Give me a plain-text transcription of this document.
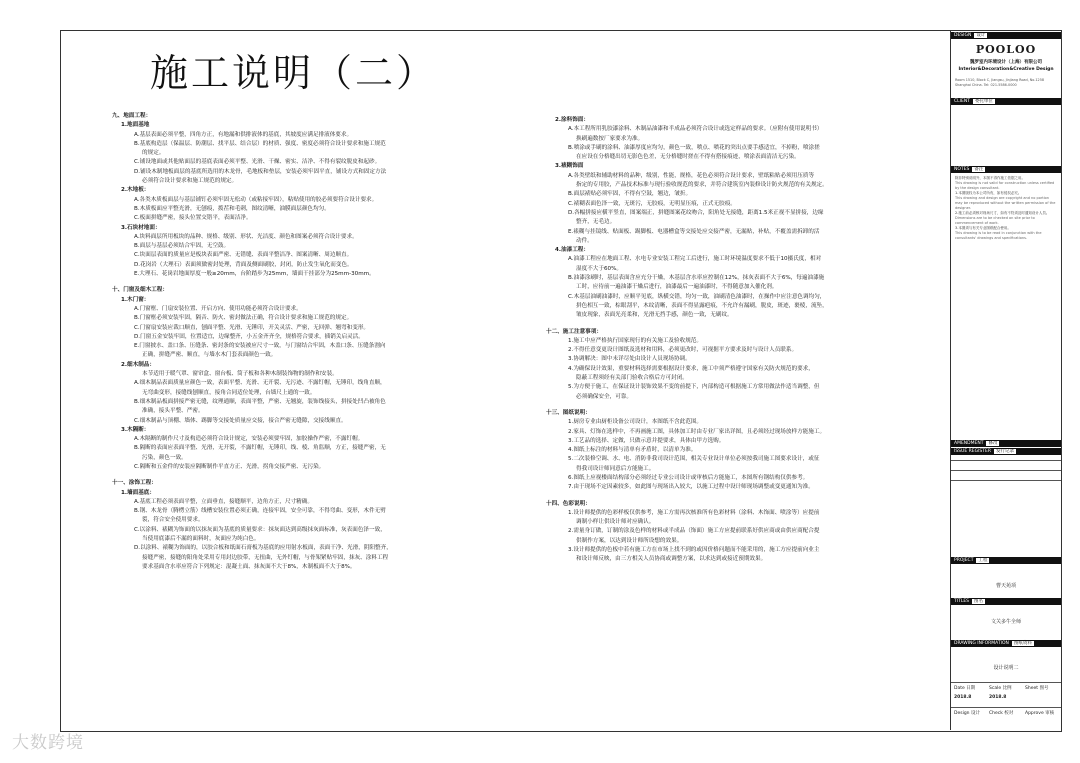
施工说明（二）

九、地面工程：

1.地面基地

A.基层表面必须平整，四角方正，有地漏和供排液体的基底，其坡度应满足排液体要求。

B.基底构造层（保温层、防潮层、找平层、结合层）的材质、强度、密度必须符合设计要求和施工规范

的规定。

C.铺设地面或其他贴面层的基底表面必须平整、光滑、干燥、密实、洁净、不得有裂纹脱皮和起砂。

D.铺设木制地板面层的基底所选用的木龙骨，毛地板和垫层，安装必须牢固平直，铺设方式和固定方法

必须符合设计要求和施工规范的规定。

2.木地板：

A.各类木质板面层与基层铺钉必须牢固无松动（或粘接牢固），粘贴使用的胶必须要符合设计要求。

B.木质板面应平整光滑，无刨痕，拨茬和毛刺，图纹清晰，油膜面层颜色均匀。

C.板面拼缝严密，接头位置交错平，表面洁净。

3.石块材地面：

A.块料面层所用板块的品种、规格、级别、形状、光洁度、颜色和图案必须符合设计要求。

B.面层与基层必须结合牢固，无空鼓。

C.块面层表面的质量应是板块表面严密、无错缝、表面平整洁净、图案清晰、周边顺直。

D.花岗岩（大理石）表面须做密封处理，背面及侧面刷胶，封闭，防止发生氧化而变色。

E.大理石、花岗岩地面厚度一般≥20mm，台阶踏步为25mm，墙面干挂部分为25mm-30mm。

十、门窗及细木工程：

1.木门窗：

A.门窗框、门扇安装位置、开启方向、使用功能必须符合设计要求。

B.门窗框必须安装牢固，隔音、防火、密封做法正确，符合设计要求和施工规范的规定。

C.门窗扇安装应裁口顺直，刨面平整、光滑、无锤印，开关灵活、严密，无回弹、翘弯和变形。

D.门窗五金安装牢固，位置适宜，边缘整齐，小五金齐齐全，规格符合要求，插销关启灵活。

E.门窗披水、盖口条、压缝条、密封条的安装被应尺寸一致，与门窗结合牢固，木盖口条、压缝条割向

正确，拼缝严密、顺直，与墙水木门套表面颜色一致。

2.细木制品：

本节适用于暖气罩、窗帘盒、窗台板、筒子板和各种木制装饰物的制作和安装。

A.细木制品表面质量应颜色一致，表面平整、光滑、无开裂、无污迹、不露钉帽，无锤印，线角直顺，

无弯曲变形，接缝线刨顺直，接角合同适位处理，台墙尺上通的一致。

B.细木制品板面拼接严密无缝，纹理通顺，表面平整，严密、无翘旋，装饰线接头，拼接处凹凸被角色

准确，接头平整、严密。

C.细木制品与顶棚、墙体、踢脚等交接处质量应交接，接合严密无缝隙，交接线顺直。

3.木隔断：

A.木隔断的制作尺寸及构造必须符合设计规定，安装必须要牢固，加胶操作严密，不露钉帽。

B.隔断的表面应表面平整、光滑，无开裂，不露钉帽，无锤印，线、棱、角监顺，方正，接缝严密，无

污染，颜色一致。

C.隔断和五金件的安装应隔断制作平直方正、光滑，拐角交接严密、无污染。

十一、涂饰工程：

1.墙面基底：

A.基底工程必须表面平整，立面垂直，接缝顺平，边角方正，尺寸精确。

B.钢、木龙骨（腾楞立筋）线槽安装位置必须正确，连接牢固，安全可靠，不得弯曲、变形，木件无劈

裂，符合安全使用要求。

C.以涂料、裱糊为饰面的以抹灰面为基底的质量要求：抹灰面达到高级抹灰面标准，灰表面色泽一致，

当使用底漆后不漏的面料时，灰面应为纯白色。

D.以涂料、裱糊为饰面的，以胶合板和纸面石膏板为基底的应用射水板面，表面干净、光滑，阴阳整齐，

接缝严密，接缝的阳角处采用专用封边胶带，无扭曲，无外钉帽，与骨架紧贴牢固，抹灰、涂料工程

要求基面含水率应符合下列规定：混凝土面、抹灰面不大于8%，木制板面不大于8%。

2.涂料饰面：

A.本工程所用乳胶漆涂料、木制品油漆和半成品必须符合设计或选定样品的要求。（应附有使用说明书）

换刷遍数按厂家要求为准。

B.喷涂或手刷的涂料、油漆厚度应均匀，颜色一致，喷点、喷花的突出点要手感适宜，不掉粉，喷涂搓

在应设在分格缝出切无影色色差，无分格缝时搓在不得有搭接痕迹，喷涂表面清洁无污染。

3.裱糊饰面

A.各类壁纸和辅助材料的品种，级别，性能，规格，花色必须符合设计要求，壁纸粘贴必须用压质等

指定的专用胶，产品技术标准与现行验收规范的要求，并符合建筑室内装修设计防火规范的有关规定。

B.面层裱贴必须牢固，不得有空鼓，翘边，皱折。

C.裱糊表面色泽一致，无斑污，无胶痕，无明显压痕，正式无胶痕。

D.各幅拼接应横平竖直，图案端正，拼缝图案花纹吻合，阳角处无接缝，距离1.5米正视不显拼接，边缘

整齐，无毛边。

E.裱糊与挂镜线、贴面板、踢脚板、电器槽盒等交接处应交接严密，无漏贴，补贴，不覆盖需拆卸的活

动件。

4.油漆工程：

A.油漆工程应在地面工程、水电专业安装工程完工后进行，施工时环境温度要求不低于10摄氏度，相对

湿度不大于60%。

B.油漆涂刷时，基层表面含应充分干燥，木基层含水率应控制在12%，抹灰表面不大于6%，每遍油漆施

工时，应待前一遍油漆干燥后进行，油漆最后一遍油漆时，不得随意加入催化剂。

C.木基层油刷油漆时，应顺平见底，纵横交错，均匀一致，油刷清色油漆时，在操作中应注意色调均匀，

拼色相互一致，棕眼刮平，木纹清晰，表面不得显露疤痕，不允许有漏刷，脱皮，斑迹，裹棱，流坠，

皱皮现象，表面光亮柔和，光滑无挡手感，颜色一致，无刷纹。

十二、施工注意事项：

1.施工中应严格执行国家现行的有关施工及验收规范。

2.不得任意变更设计图纸及选材和用料，必须更改时，可视据平方要求及时与设计人员联系。

3.协调解决：图中未详尽处由设计人员现场协调。

4.为确保设计效果，重要材料选择需要根据设计要求，施工中须严格遵守国家有关防火规范的要求，

隐蔽工程须经有关部门验收合格后方可封闭。

5.为方便于施工，在保证设计装饰效果不变的前提下，内部构造可根据施工方常用做法作适当调整，但

必须确保安全，可靠。

十三、图纸说明：

1.厨房专业由厨柜设备公司设计，本图纸不含此范围。

2.家具、灯饰在选样中，不再画施工图，具体加工时由专业厂家出详图，且必须经过现场放样方能施工。

3.工艺品的选择、定做，只做示意并提要求，具体由甲方选购。

4.图纸上标注的材料与清单有矛盾时，以清单为准。

5.二次装修空调、水、电、消防非我司设计范围，相关专业设计单位必须按我司施工图要求设计，或征

得我司设计师同意后方能施工。

6.图纸上应视楼面结构部分必须经过专业公司设计或审核后方能施工，本图所有钢结构仅供参考。

7.由于现场不定因素较多，如此图与现场出入较大，以施工过程中设计师现场调整或变更通知为准。

十四、色彩说明：

1.设计师提供的色彩样板仅供参考，施工方需再次核准所有色彩材料（涂料、木饰面、喷涂等）应提前

调制小样让供设计师对应确认。

2.需量身订做，订制的涂及色样的材料或半成品（饰面）施工方应提前联系好供应商或由供应商配合提

供制作方案，以达到设计师所设想的效果。

3.设计师提供的色板中若有施工方在市场上找不到的或因价格问题而不能采用的，施工方应提前向业主

和设计师反映，由三方相关人员协商或调整方案，以求达到或接近预期效果。

DESIGN 设计
POOLOO
魏罗室内环境设计（上海）有限公司
Interior&Decoration&Creative Design
Room 1510, Block C, Jiangsu, Jinjiang Road, No.1258 Shanghai China. Tel: 021-5586-0000
CLIENT 委托单位
NOTES 备注
除非特别说明外，本图不得作施工依据之用。
This drawing is not valid for construction unless certified by the design consultant.
1.本图版权为本公司所有，如有侵权必究。
This drawing and design are copyright and no portion may be reproduced without the written permission of the designer.
2.施工前必须核对现场尺寸，如有不符须及时通知设计人员。
Dimensions are to be checked on site prior to commencement of work.
3.本图须与有关专业图纸配合使用。
This drawing is to be read in conjunction with the consultants' drawings and specifications.
AMENDMENT 修改
ISSUE REGISTER 发行记录
PROJECT 工程
曹天苑项
TITLES 图名
文关多牛全师
DRAWING INFORMATION 图纸资料
设计说明二
Date 日期	Scale 比例	Sheet 图号
2018.8	2018.8
Design 设计 Check 校对	Approve 审核
大数跨境
